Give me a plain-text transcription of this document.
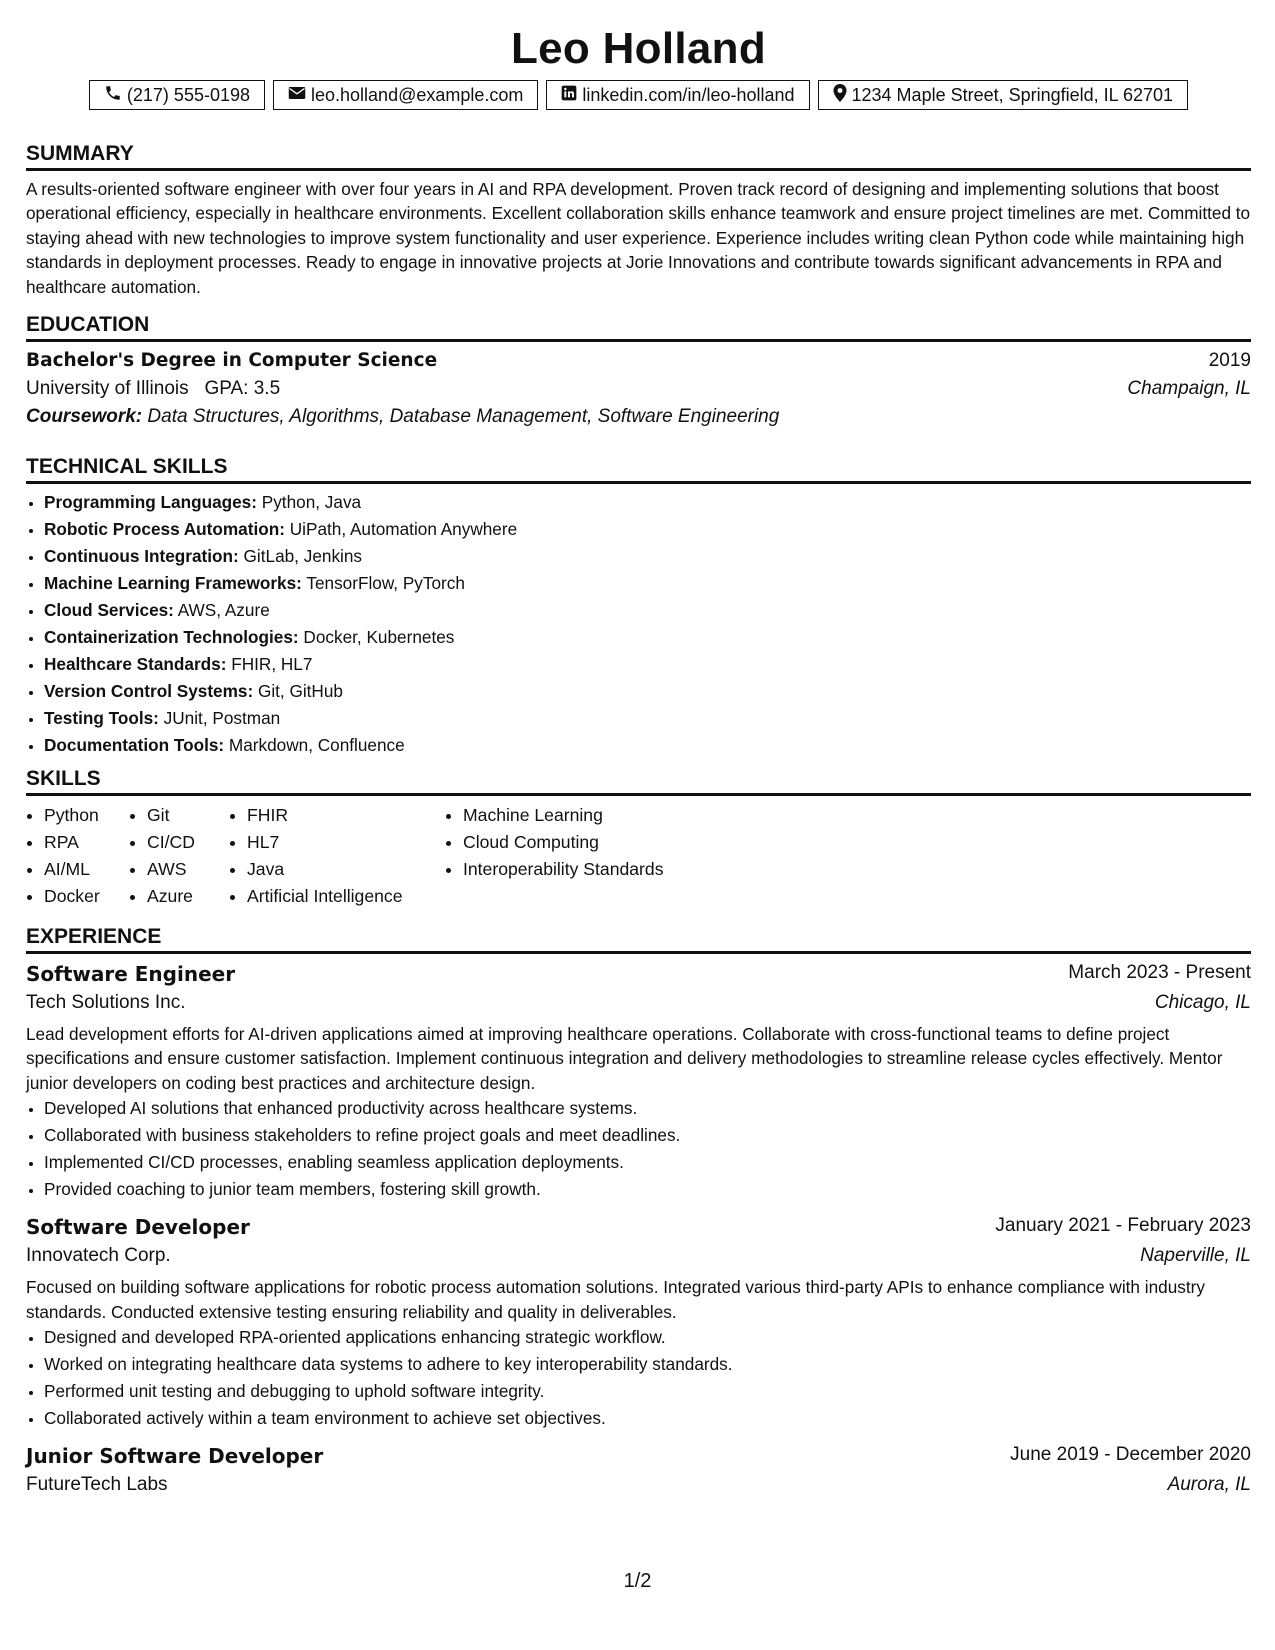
Leo Holland
(217) 555-0198	leo.holland@example.com	linkedin.com/in/leo-holland	1234 Maple Street, Springfield, IL 62701
SUMMARY

A results-oriented software engineer with over four years in AI and RPA development. Proven track record of designing and implementing solutions that boost operational efficiency, especially in healthcare environments. Excellent collaboration skills enhance teamwork and ensure project timelines are met. Committed to staying ahead with new technologies to improve system functionality and user experience. Experience includes writing clean Python code while maintaining high standards in deployment processes. Ready to engage in innovative projects at Jorie Innovations and contribute towards significant advancements in RPA and healthcare automation.

EDUCATION
Bachelor's Degree in Computer Science	2019
University of Illinois GPA: 3.5	Champaign, IL
Coursework: Data Structures, Algorithms, Database Management, Software Engineering
TECHNICAL SKILLS
• Programming Languages: Python, Java
• Robotic Process Automation: UiPath, Automation Anywhere
• Continuous Integration: GitLab, Jenkins
• Machine Learning Frameworks: TensorFlow, PyTorch
• Cloud Services: AWS, Azure
• Containerization Technologies: Docker, Kubernetes
• Healthcare Standards: FHIR, HL7
• Version Control Systems: Git, GitHub
• Testing Tools: JUnit, Postman
• Documentation Tools: Markdown, Confluence
SKILLS
• Python
• RPA
• AI/ML
• Docker
• Git
• CI/CD
• AWS
• Azure
• FHIR
• HL7
• Java
• Artificial Intelligence
• Machine Learning
• Cloud Computing
• Interoperability Standards
EXPERIENCE
Software Engineer	March 2023 - Present
Tech Solutions Inc.	Chicago, IL

Lead development efforts for AI-driven applications aimed at improving healthcare operations. Collaborate with cross-functional teams to define project specifications and ensure customer satisfaction. Implement continuous integration and delivery methodologies to streamline release cycles effectively. Mentor junior developers on coding best practices and architecture design.

• Developed AI solutions that enhanced productivity across healthcare systems.
• Collaborated with business stakeholders to refine project goals and meet deadlines.
• Implemented CI/CD processes, enabling seamless application deployments.
• Provided coaching to junior team members, fostering skill growth.
Software Developer	January 2021 - February 2023
Innovatech Corp.	Naperville, IL

Focused on building software applications for robotic process automation solutions. Integrated various third-party APIs to enhance compliance with industry standards. Conducted extensive testing ensuring reliability and quality in deliverables.

• Designed and developed RPA-oriented applications enhancing strategic workflow.
• Worked on integrating healthcare data systems to adhere to key interoperability standards.
• Performed unit testing and debugging to uphold software integrity.
• Collaborated actively within a team environment to achieve set objectives.
Junior Software Developer	June 2019 - December 2020
FutureTech Labs	Aurora, IL
1/2
